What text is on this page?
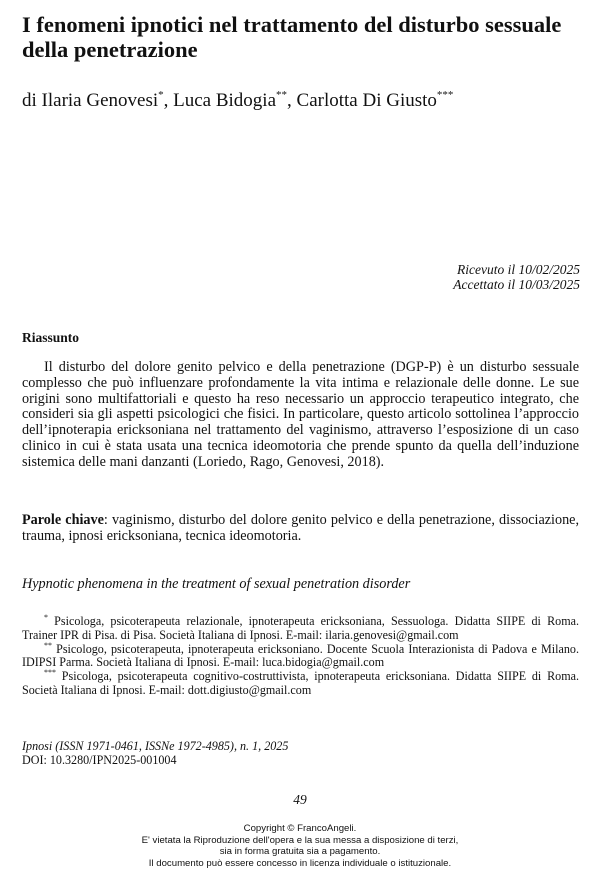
I fenomeni ipnotici nel trattamento del disturbo sessuale della penetrazione

di Ilaria Genovesi*, Luca Bidogia**, Carlotta Di Giusto***

Ricevuto il 10/02/2025
Accettato il 10/03/2025
Riassunto

Il disturbo del dolore genito pelvico e della penetrazione (DGP-P) è un disturbo sessuale complesso che può influenzare profondamente la vita intima e relazionale delle donne. Le sue origini sono multifattoriali e questo ha reso necessario un approccio terapeutico integrato, che consideri sia gli aspetti psicologici che fisici. In particolare, questo articolo sottolinea l’approccio dell’ipnoterapia ericksoniana nel trattamento del vaginismo, attraverso l’esposizione di un caso clinico in cui è stata usata una tecnica ideomotoria che prende spunto da quella dell’induzione sistemica delle mani danzanti (Loriedo, Rago, Genovesi, 2018).

Parole chiave: vaginismo, disturbo del dolore genito pelvico e della penetrazione, dissociazione, trauma, ipnosi ericksoniana, tecnica ideomotoria.

Hypnotic phenomena in the treatment of sexual penetration disorder

* Psicologa, psicoterapeuta relazionale, ipnoterapeuta ericksoniana, Sessuologa. Didatta SIIPE di Roma. Trainer IPR di Pisa. di Pisa. Società Italiana di Ipnosi. E-mail: ilaria.genovesi@gmail.com

** Psicologo, psicoterapeuta, ipnoterapeuta ericksoniano. Docente Scuola Interazionista di Padova e Milano. IDIPSI Parma. Società Italiana di Ipnosi. E-mail: luca.bidogia@gmail.com

*** Psicologa, psicoterapeuta cognitivo-costruttivista, ipnoterapeuta ericksoniana. Didatta SIIPE di Roma. Società Italiana di Ipnosi. E-mail: dott.digiusto@gmail.com

Ipnosi (ISSN 1971-0461, ISSNe 1972-4985), n. 1, 2025
DOI: 10.3280/IPN2025-001004
49
Copyright © FrancoAngeli.
E' vietata la Riproduzione dell'opera e la sua messa a disposizione di terzi,
sia in forma gratuita sia a pagamento.
Il documento può essere concesso in licenza individuale o istituzionale.
